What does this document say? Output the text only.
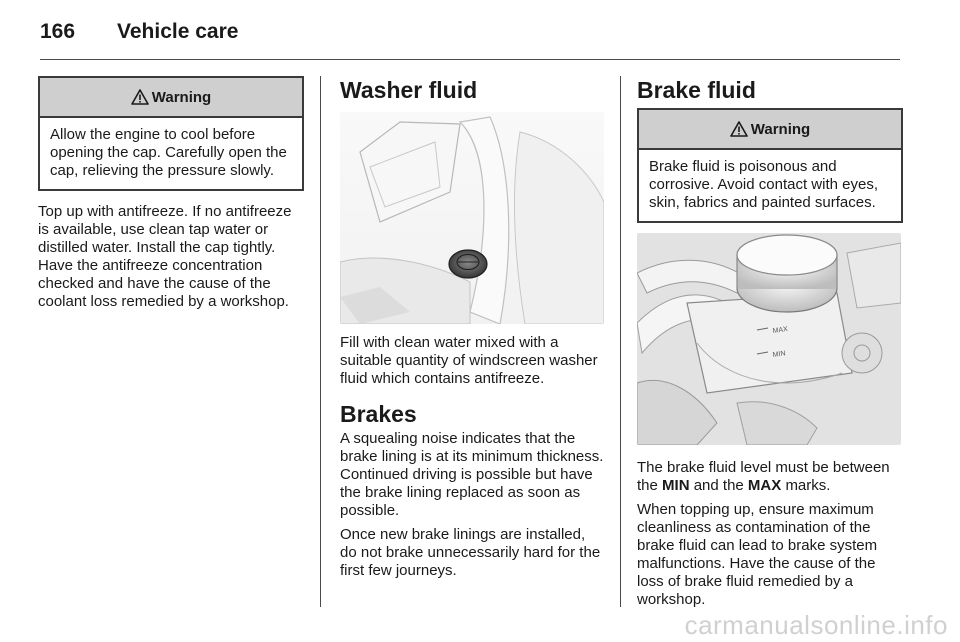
166 Vehicle care
Warning
Allow the engine to cool before opening the cap. Carefully open the cap, relieving the pressure slowly.
Top up with antifreeze. If no antifreeze is available, use clean tap water or distilled water. Install the cap tightly. Have the antifreeze concentration checked and have the cause of the coolant loss remedied by a workshop.
Washer fluid
Fill with clean water mixed with a suitable quantity of windscreen washer fluid which contains antifreeze.
Brakes
A squealing noise indicates that the brake lining is at its minimum thickness. Continued driving is possible but have the brake lining replaced as soon as possible.
Once new brake linings are installed, do not brake unnecessarily hard for the first few journeys.
Brake fluid
Warning
Brake fluid is poisonous and corrosive. Avoid contact with eyes, skin, fabrics and painted surfaces.
MAX
MIN
The brake fluid level must be between the MIN and the MAX marks.
When topping up, ensure maximum cleanliness as contamination of the brake fluid can lead to brake system malfunctions. Have the cause of the loss of brake fluid remedied by a workshop.
carmanualsonline.info
